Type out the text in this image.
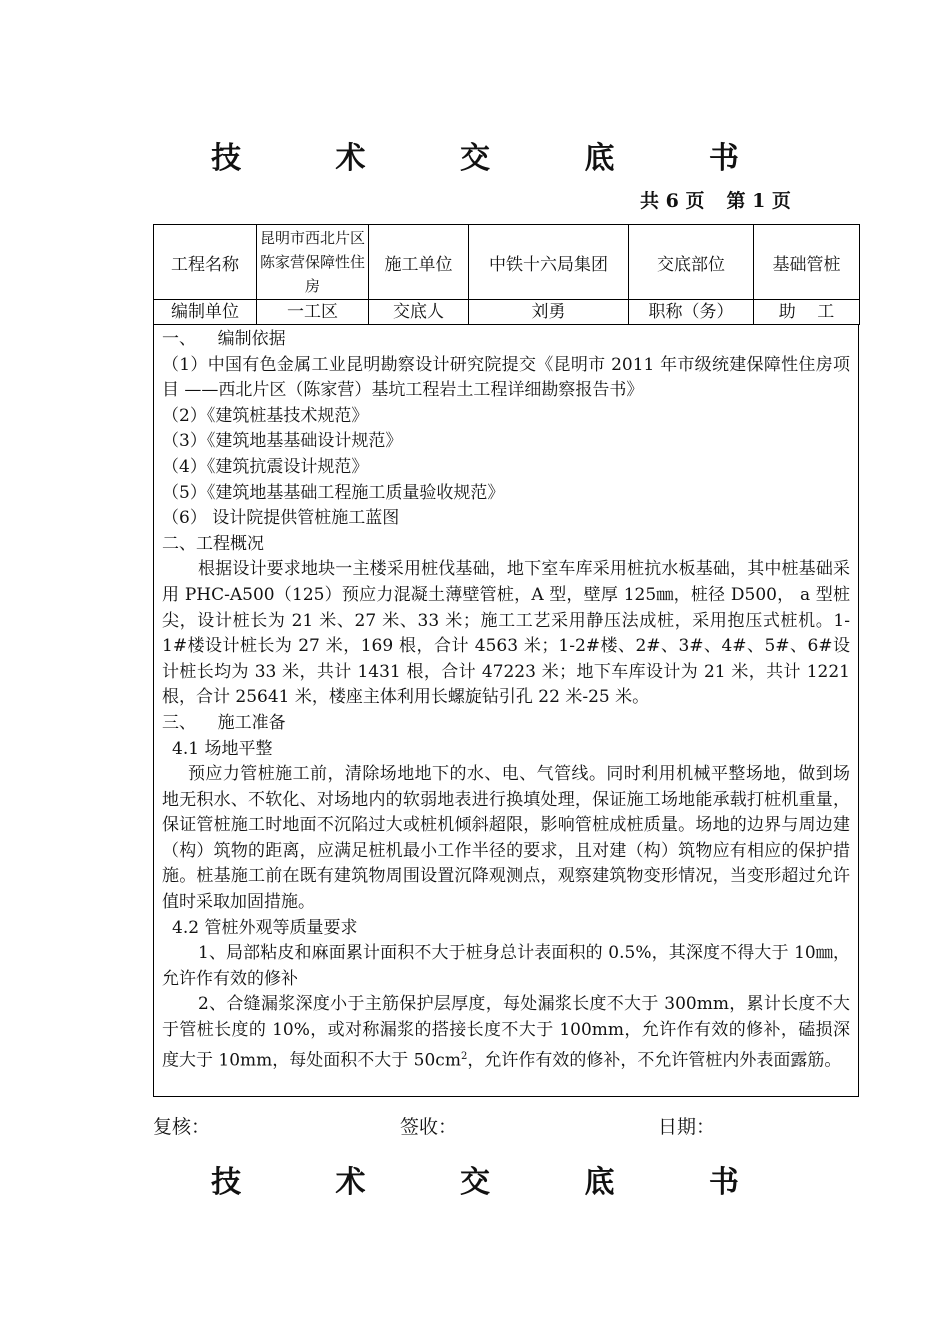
技 术 交 底 书
共 6 页 第 1 页
工程名称	昆明市西北片区陈家营保障性住房	施工单位	中铁十六局集团	交底部位	基础管桩
编制单位	一工区	交底人	刘勇	职称（务）	助    工

一、    编制依据

（1）中国有色金属工业昆明勘察设计研究院提交《昆明市 2011 年市级统建保障性住房项目 ——西北片区（陈家营）基坑工程岩土工程详细勘察报告书》

（2）《建筑桩基技术规范》

（3）《建筑地基基础设计规范》

（4）《建筑抗震设计规范》

（5）《建筑地基基础工程施工质量验收规范》

（6） 设计院提供管桩施工蓝图

二、工程概况

根据设计要求地块一主楼采用桩伐基础，地下室车库采用桩抗水板基础，其中桩基础采用 PHC-A500（125）预应力混凝土薄壁管桩，A 型，壁厚 125㎜，桩径 D500， a 型桩尖，设计桩长为 21 米、27 米、33 米；施工工艺采用静压法成桩，采用抱压式桩机。1-1#楼设计桩长为 27 米，169 根，合计 4563 米；1-2#楼、2#、3#、4#、5#、6#设计桩长均为 33 米，共计 1431 根，合计 47223 米；地下车库设计为 21 米，共计 1221 根，合计 25641 米，楼座主体利用长螺旋钻引孔 22 米-25 米。

三、    施工准备

4.1 场地平整

预应力管桩施工前，清除场地地下的水、电、气管线。同时利用机械平整场地，做到场地无积水、不软化、对场地内的软弱地表进行换填处理，保证施工场地能承载打桩机重量，保证管桩施工时地面不沉陷过大或桩机倾斜超限，影响管桩成桩质量。场地的边界与周边建（构）筑物的距离，应满足桩机最小工作半径的要求，且对建（构）筑物应有相应的保护措施。桩基施工前在既有建筑物周围设置沉降观测点，观察建筑物变形情况，当变形超过允许值时采取加固措施。

4.2 管桩外观等质量要求

1、局部粘皮和麻面累计面积不大于桩身总计表面积的 0.5%，其深度不得大于 10㎜，允许作有效的修补

2、合缝漏浆深度小于主筋保护层厚度，每处漏浆长度不大于 300mm，累计长度不大于管桩长度的 10%，或对称漏浆的搭接长度不大于 100mm，允许作有效的修补，磕损深度大于 10mm，每处面积不大于 $50cm^2$，允许作有效的修补，不允许管桩内外表面露筋。

复核：	签收：	日期：
技 术 交 底 书
